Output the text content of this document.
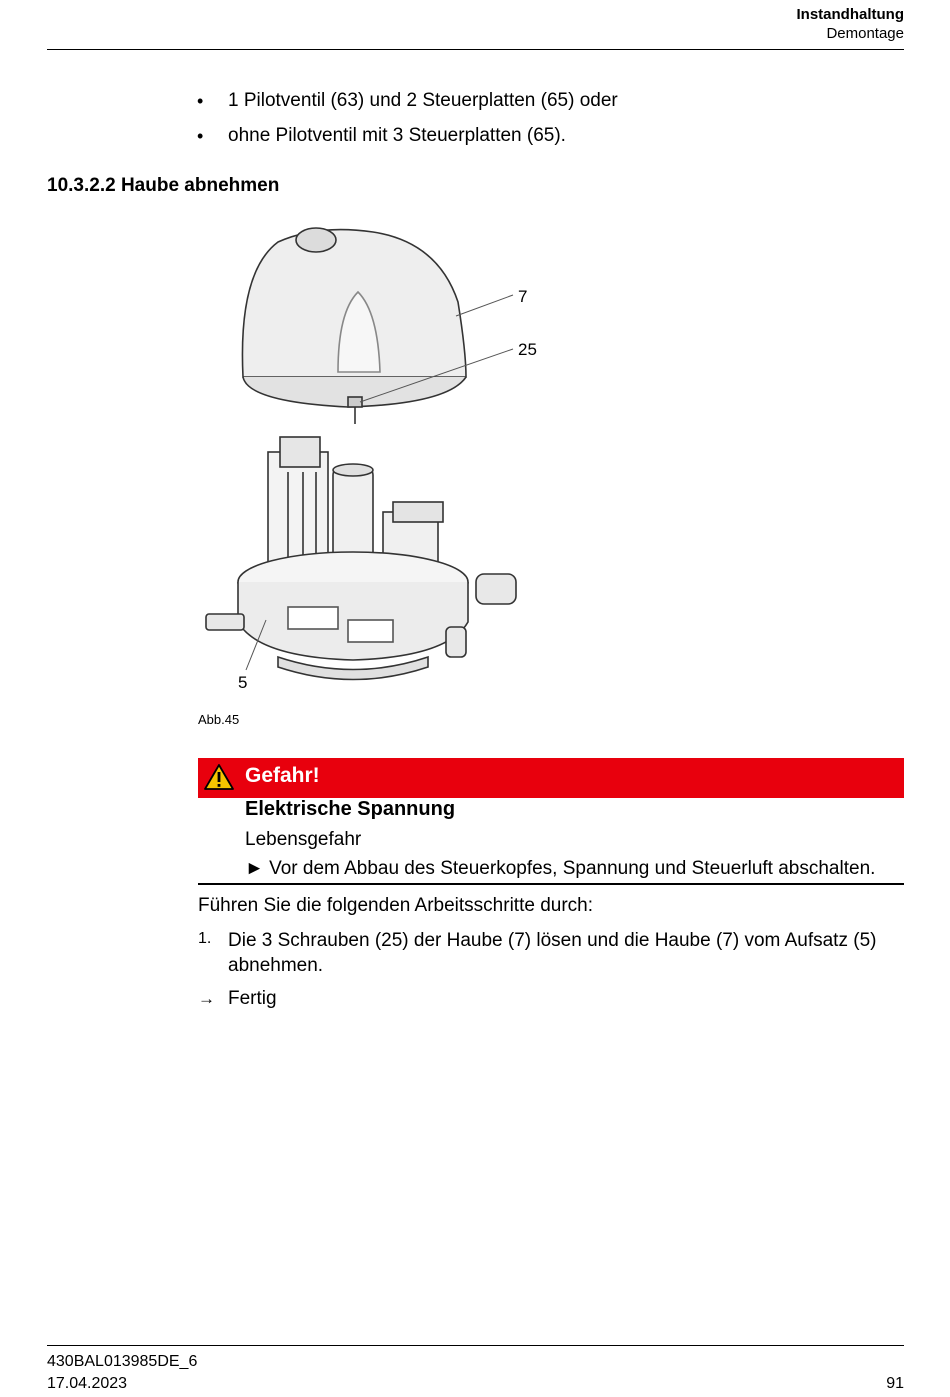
Instandhaltung
Demontage
• 1 Pilotventil (63) und 2 Steuerplatten (65) oder
• ohne Pilotventil mit 3 Steuerplatten (65).
10.3.2.2 Haube abnehmen
7
25
5
Abb.45
Gefahr!
Elektrische Spannung
Lebensgefahr
► Vor dem Abbau des Steuerkopfes, Spannung und Steuerluft abschalten.
Führen Sie die folgenden Arbeitsschritte durch:
1. Die 3 Schrauben (25) der Haube (7) lösen und die Haube (7) vom Aufsatz (5) abnehmen.
→ Fertig
430BAL013985DE_6
17.04.2023	91
